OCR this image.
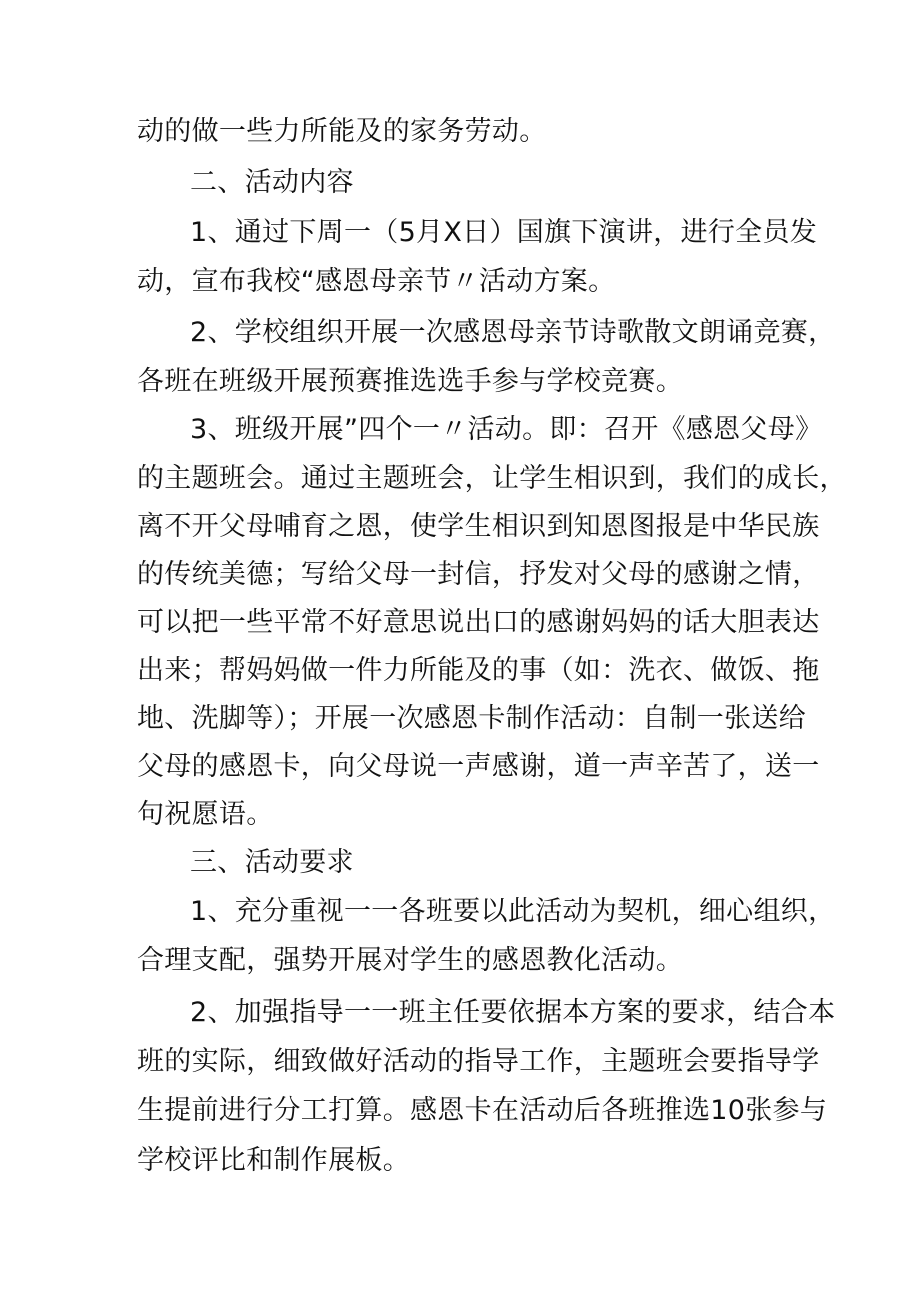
动的做一些力所能及的家务劳动。
二、活动内容
1、通过下周一（5月X日）国旗下演讲，进行全员发
动，宣布我校“感恩母亲节〃活动方案。
2、学校组织开展一次感恩母亲节诗歌散文朗诵竞赛，
各班在班级开展预赛推选选手参与学校竞赛。
3、班级开展”四个一〃活动。即：召开《感恩父母》
的主题班会。通过主题班会，让学生相识到，我们的成长，
离不开父母哺育之恩，使学生相识到知恩图报是中华民族
的传统美德；写给父母一封信，抒发对父母的感谢之情，
可以把一些平常不好意思说出口的感谢妈妈的话大胆表达
出来；帮妈妈做一件力所能及的事（如：洗衣、做饭、拖
地、洗脚等）；开展一次感恩卡制作活动：自制一张送给
父母的感恩卡，向父母说一声感谢，道一声辛苦了，送一
句祝愿语。
三、活动要求
1、充分重视一一各班要以此活动为契机，细心组织，
合理支配，强势开展对学生的感恩教化活动。
2、加强指导一一班主任要依据本方案的要求，结合本
班的实际，细致做好活动的指导工作，主题班会要指导学
生提前进行分工打算。感恩卡在活动后各班推选10张参与
学校评比和制作展板。
